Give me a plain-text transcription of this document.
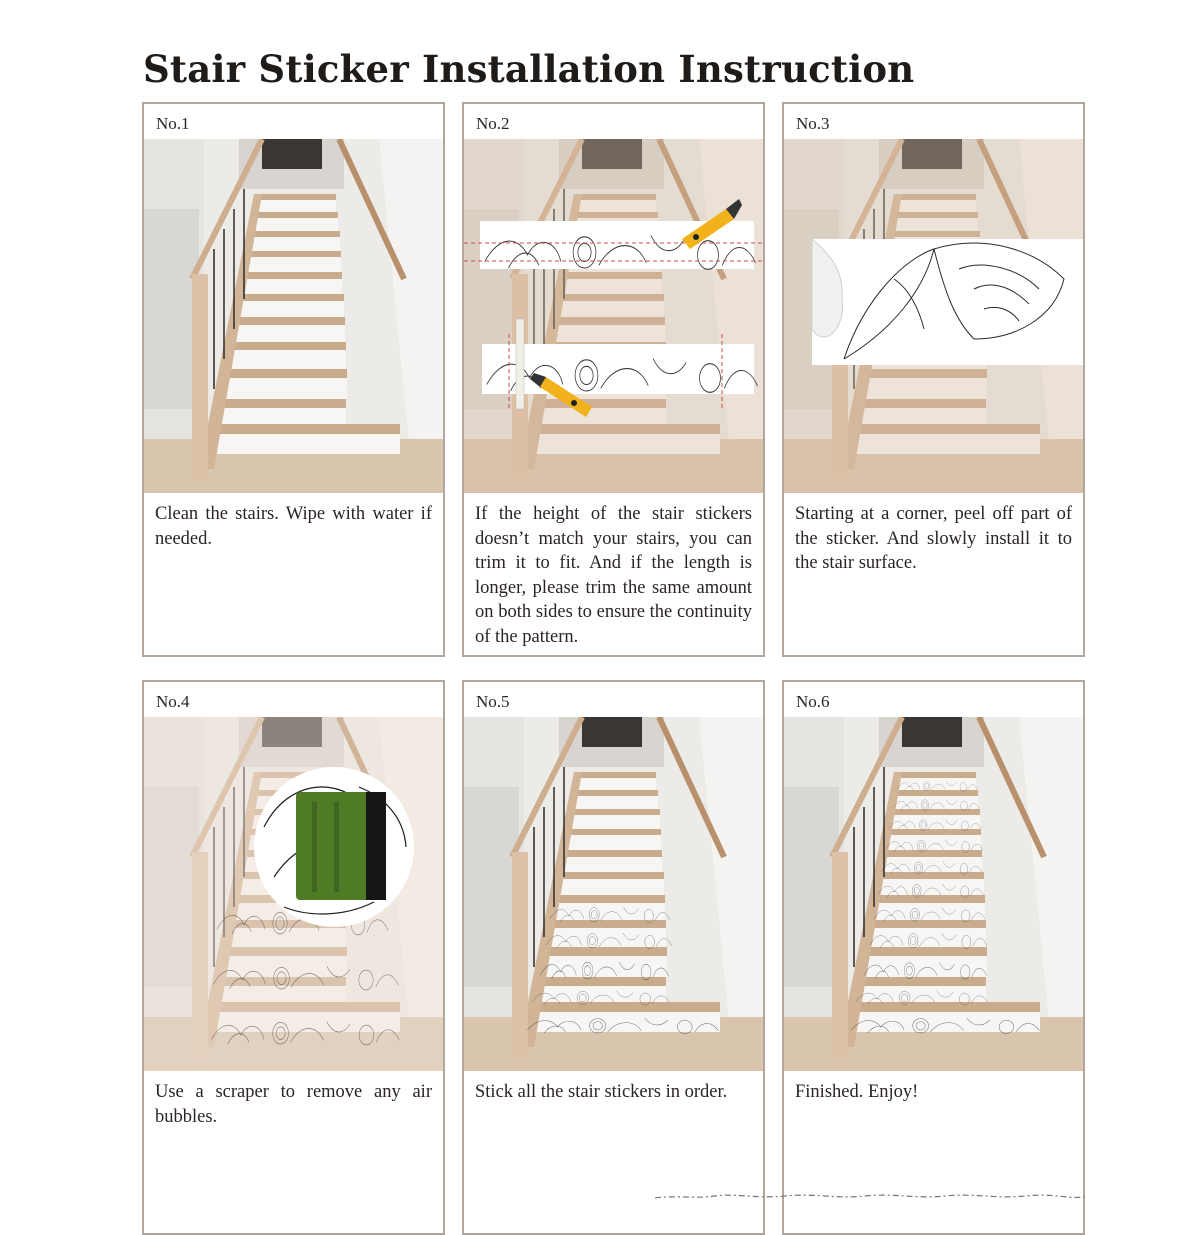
Stair Sticker Installation Instruction
No.1
Clean the stairs. Wipe with water if needed.
No.2
If the height of the stair stickers doesn’t match your stairs, you can trim it to fit. And if the length is longer, please trim the same amount on both sides to ensure the continuity of the pattern.
No.3
Starting at a corner, peel off part of the sticker. And slowly install it to the stair surface.
No.4
Use a scraper to remove any air bubbles.
No.5
Stick all the stair stickers in order.
No.6
Finished. Enjoy!
